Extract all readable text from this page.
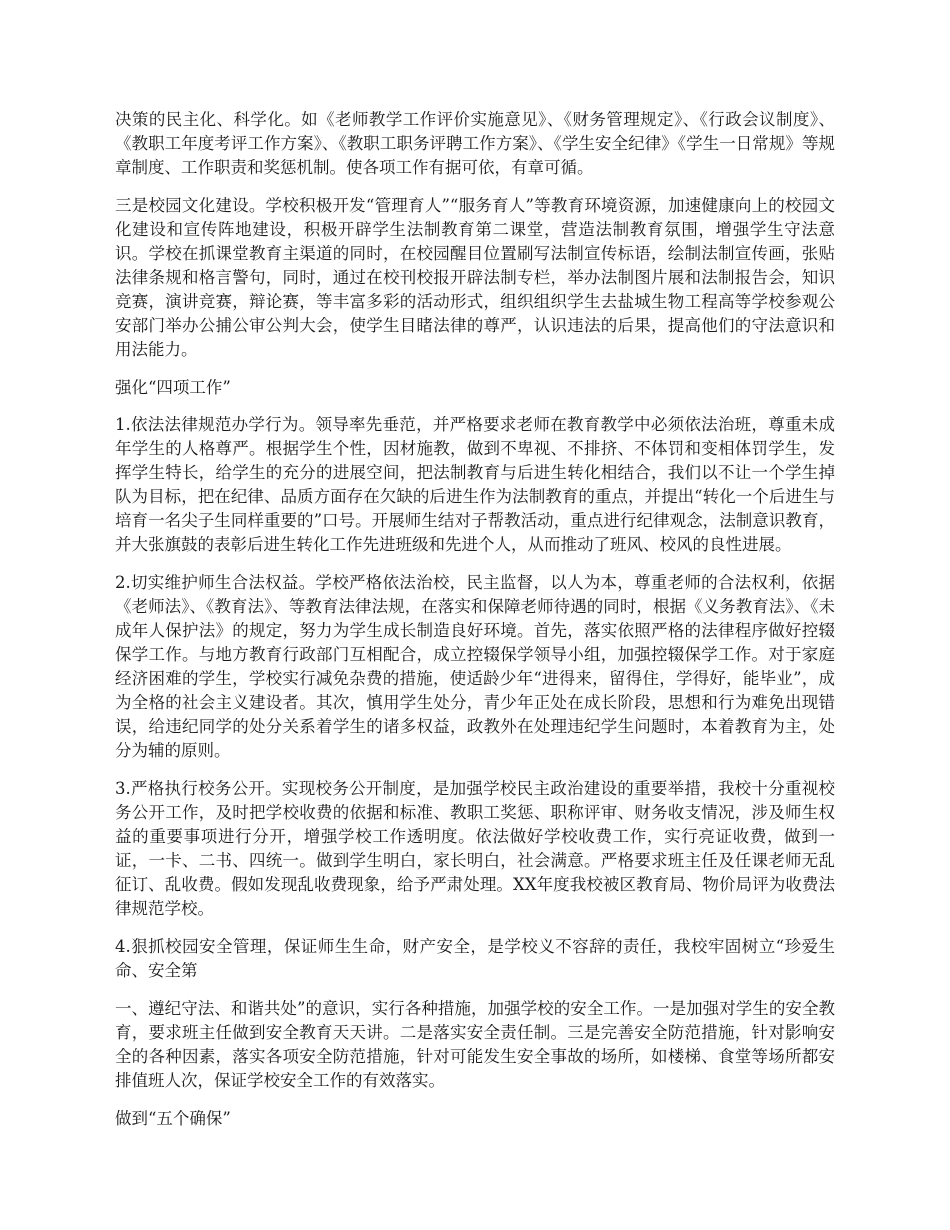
决策的民主化、科学化。如《老师教学工作评价实施意见》、《财务管理规定》、《行政会议制度》、《教职工年度考评工作方案》、《教职工职务评聘工作方案》、《学生安全纪律》《学生一日常规》等规章制度、工作职责和奖惩机制。使各项工作有据可依，有章可循。

三是校园文化建设。学校积极开发“管理育人”“服务育人”等教育环境资源，加速健康向上的校园文化建设和宣传阵地建设，积极开辟学生法制教育第二课堂，营造法制教育氛围，增强学生守法意识。学校在抓课堂教育主渠道的同时，在校园醒目位置刷写法制宣传标语，绘制法制宣传画，张贴法律条规和格言警句，同时，通过在校刊校报开辟法制专栏，举办法制图片展和法制报告会，知识竞赛，演讲竞赛，辩论赛，等丰富多彩的活动形式，组织组织学生去盐城生物工程高等学校参观公安部门举办公捕公审公判大会，使学生目睹法律的尊严，认识违法的后果，提高他们的守法意识和用法能力。

强化“四项工作”

1.依法法律规范办学行为。领导率先垂范，并严格要求老师在教育教学中必须依法治班，尊重未成年学生的人格尊严。根据学生个性，因材施教，做到不卑视、不排挤、不体罚和变相体罚学生，发挥学生特长，给学生的充分的进展空间，把法制教育与后进生转化相结合，我们以不让一个学生掉队为目标，把在纪律、品质方面存在欠缺的后进生作为法制教育的重点，并提出“转化一个后进生与培育一名尖子生同样重要的”口号。开展师生结对子帮教活动，重点进行纪律观念，法制意识教育，并大张旗鼓的表彰后进生转化工作先进班级和先进个人，从而推动了班风、校风的良性进展。

2.切实维护师生合法权益。学校严格依法治校，民主监督，以人为本，尊重老师的合法权利，依据《老师法》、《教育法》、等教育法律法规，在落实和保障老师待遇的同时，根据《义务教育法》、《未成年人保护法》的规定，努力为学生成长制造良好环境。首先，落实依照严格的法律程序做好控辍保学工作。与地方教育行政部门互相配合，成立控辍保学领导小组，加强控辍保学工作。对于家庭经济困难的学生，学校实行减免杂费的措施，使适龄少年“进得来，留得住，学得好，能毕业”，成为全格的社会主义建设者。其次，慎用学生处分，青少年正处在成长阶段，思想和行为难免出现错误，给违纪同学的处分关系着学生的诸多权益，政教外在处理违纪学生问题时，本着教育为主，处分为辅的原则。

3.严格执行校务公开。实现校务公开制度，是加强学校民主政治建设的重要举措，我校十分重视校务公开工作，及时把学校收费的依据和标准、教职工奖惩、职称评审、财务收支情况，涉及师生权益的重要事项进行分开，增强学校工作透明度。依法做好学校收费工作，实行亮证收费，做到一证，一卡、二书、四统一。做到学生明白，家长明白，社会满意。严格要求班主任及任课老师无乱征订、乱收费。假如发现乱收费现象，给予严肃处理。XX年度我校被区教育局、物价局评为收费法律规范学校。

4.狠抓校园安全管理，保证师生生命，财产安全，是学校义不容辞的责任，我校牢固树立“珍爱生命、安全第

一、遵纪守法、和谐共处”的意识，实行各种措施，加强学校的安全工作。一是加强对学生的安全教育，要求班主任做到安全教育天天讲。二是落实安全责任制。三是完善安全防范措施，针对影响安全的各种因素，落实各项安全防范措施，针对可能发生安全事故的场所，如楼梯、食堂等场所都安排值班人次，保证学校安全工作的有效落实。

做到“五个确保”
